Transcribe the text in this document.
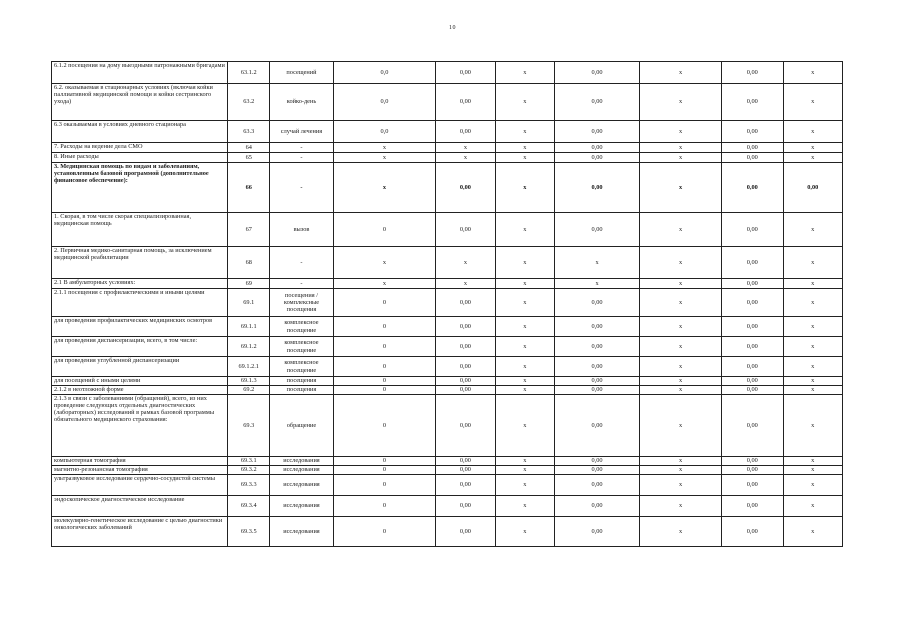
10
6.1.2 посещения на дому выездными патронажными бригадами	63.1.2	посещений	0,0	0,00	х	0,00	х	0,00	х
6.2. оказываемая в стационарных условиях (включая койки паллиативной медицинской помощи и койки сестринского ухода)	63.2	койко-день	0,0	0,00	х	0,00	х	0,00	х
6.3 оказываемая в условиях дневного стационара	63.3	случай лечения	0,0	0,00	х	0,00	х	0,00	х
7. Расходы на ведение дела СМО	64	-	х	х	х	0,00	х	0,00	х
8. Иные расходы	65	-	х	х	х	0,00	х	0,00	х
3. Медицинская помощь по видам и заболеваниям, установленным базовой программой (дополнительное финансовое обеспечение):	66	-	х	0,00	х	0,00	х	0,00	0,00
1. Скорая, в том числе скорая специализированная, медицинская помощь	67	вызов	0	0,00	х	0,00	х	0,00	х
2. Первичная медико-санитарная помощь, за исключением медицинской реабилитации	68	-	х	х	х	х	х	0,00	х
2.1 В амбулаторных условиях:	69	-	х	х	х	х	х	0,00	х
2.1.1 посещения с профилактическими и иными целями	69.1	посещения / комплексные посещения	0	0,00	х	0,00	х	0,00	х
для проведения профилактических медицинских осмотров	69.1.1	комплексное посещение	0	0,00	х	0,00	х	0,00	х
для проведения диспансеризации, всего, в том числе:	69.1.2	комплексное посещение	0	0,00	х	0,00	х	0,00	х
для проведения углубленной диспансеризации	69.1.2.1	комплексное посещение	0	0,00	х	0,00	х	0,00	х
для посещений с иными целями	69.1.3	посещения	0	0,00	х	0,00	х	0,00	х
2.1.2 в неотложной форме	69.2	посещения	0	0,00	х	0,00	х	0,00	х
2.1.3 в связи с заболеваниями (обращений), всего, из них проведение следующих отдельных диагностических (лабораторных) исследований в рамках базовой программы обязательного медицинского страхования:	69.3	обращение	0	0,00	х	0,00	х	0,00	х
компьютерная томография	69.3.1	исследования	0	0,00	х	0,00	х	0,00	х
магнитно-резонансная томография	69.3.2	исследования	0	0,00	х	0,00	х	0,00	х
ультразвуковое исследование сердечно-сосудистой системы	69.3.3	исследования	0	0,00	х	0,00	х	0,00	х
эндоскопическое диагностическое исследование	69.3.4	исследования	0	0,00	х	0,00	х	0,00	х
молекулярно-генетическое исследование с целью диагностики онкологических заболеваний	69.3.5	исследования	0	0,00	х	0,00	х	0,00	х
